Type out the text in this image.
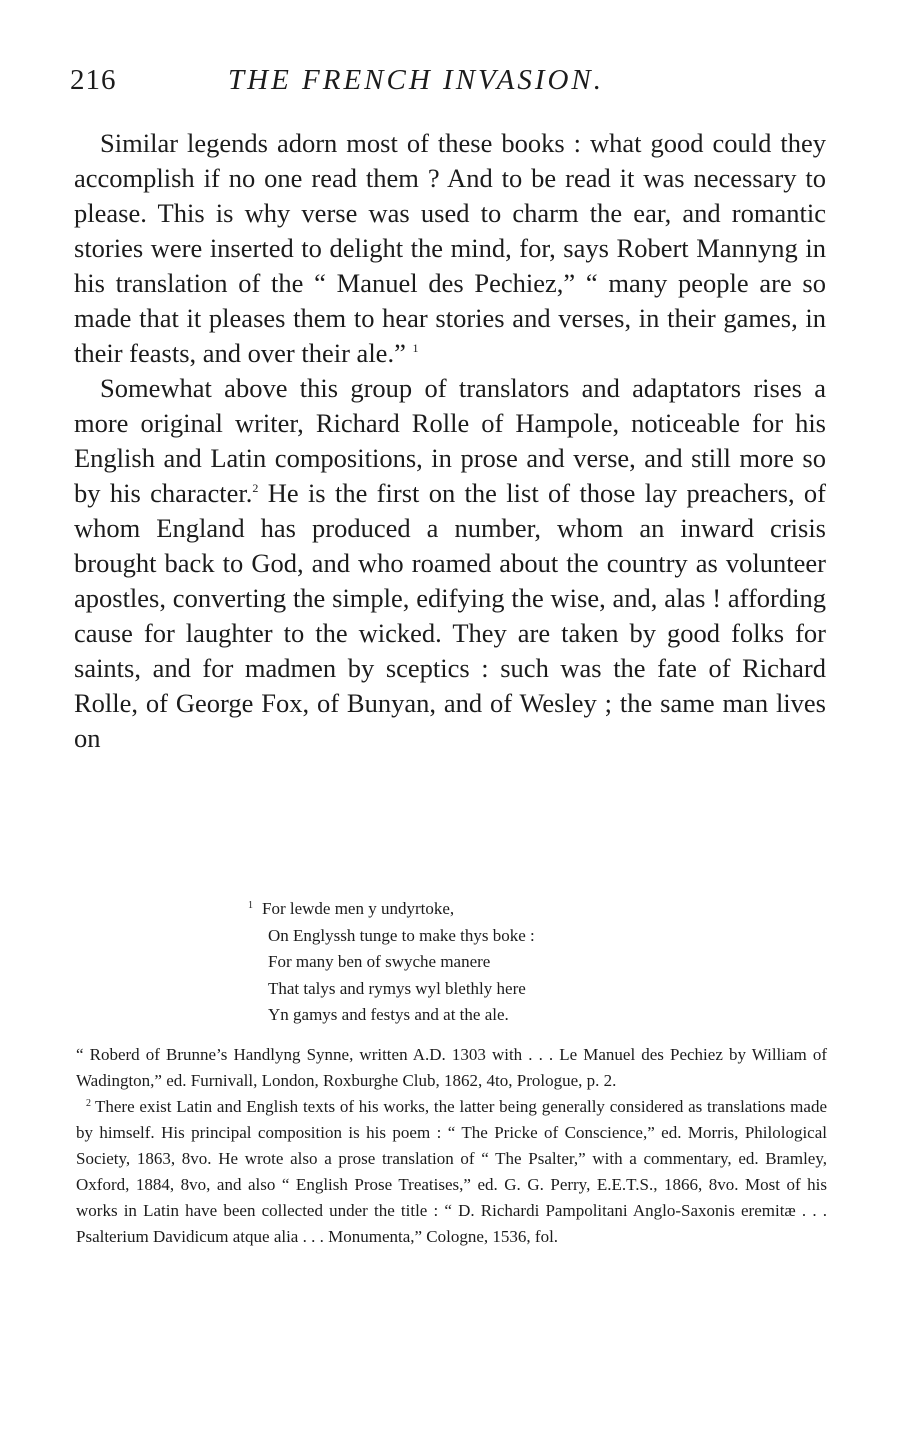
216	THE FRENCH INVASION.

Similar legends adorn most of these books : what good could they accomplish if no one read them ? And to be read it was necessary to please. This is why verse was used to charm the ear, and romantic stories were inserted to delight the mind, for, says Robert Mannyng in his translation of the “ Manuel des Pechiez,” “ many people are so made that it pleases them to hear stories and verses, in their games, in their feasts, and over their ale.” $^1$

Somewhat above this group of translators and adaptators rises a more original writer, Richard Rolle of Hampole, noticeable for his English and Latin compositions, in prose and verse, and still more so by his character.$^2$ He is the first on the list of those lay preachers, of whom England has produced a number, whom an inward crisis brought back to God, and who roamed about the country as volunteer apostles, converting the simple, edifying the wise, and, alas ! affording cause for laughter to the wicked. They are taken by good folks for saints, and for madmen by sceptics : such was the fate of Richard Rolle, of George Fox, of Bunyan, and of Wesley ; the same man lives on

$^1$ For lewde men y undyrtoke,
On Englyssh tunge to make thys boke :
For many ben of swyche manere
That talys and rymys wyl blethly here
Yn gamys and festys and at the ale.

“ Roberd of Brunne’s Handlyng Synne, written A.D. 1303 with . . . Le Manuel des Pechiez by William of Wadington,” ed. Furnivall, London, Roxburghe Club, 1862, 4to, Prologue, p. 2.

$^2$ There exist Latin and English texts of his works, the latter being generally considered as translations made by himself. His principal composition is his poem : “ The Pricke of Conscience,” ed. Morris, Philological Society, 1863, 8vo. He wrote also a prose translation of “ The Psalter,” with a commentary, ed. Bramley, Oxford, 1884, 8vo, and also “ English Prose Treatises,” ed. G. G. Perry, E.E.T.S., 1866, 8vo. Most of his works in Latin have been collected under the title : “ D. Richardi Pampolitani Anglo-Saxonis eremitæ . . . Psalterium Davidicum atque alia . . . Monumenta,” Cologne, 1536, fol.
